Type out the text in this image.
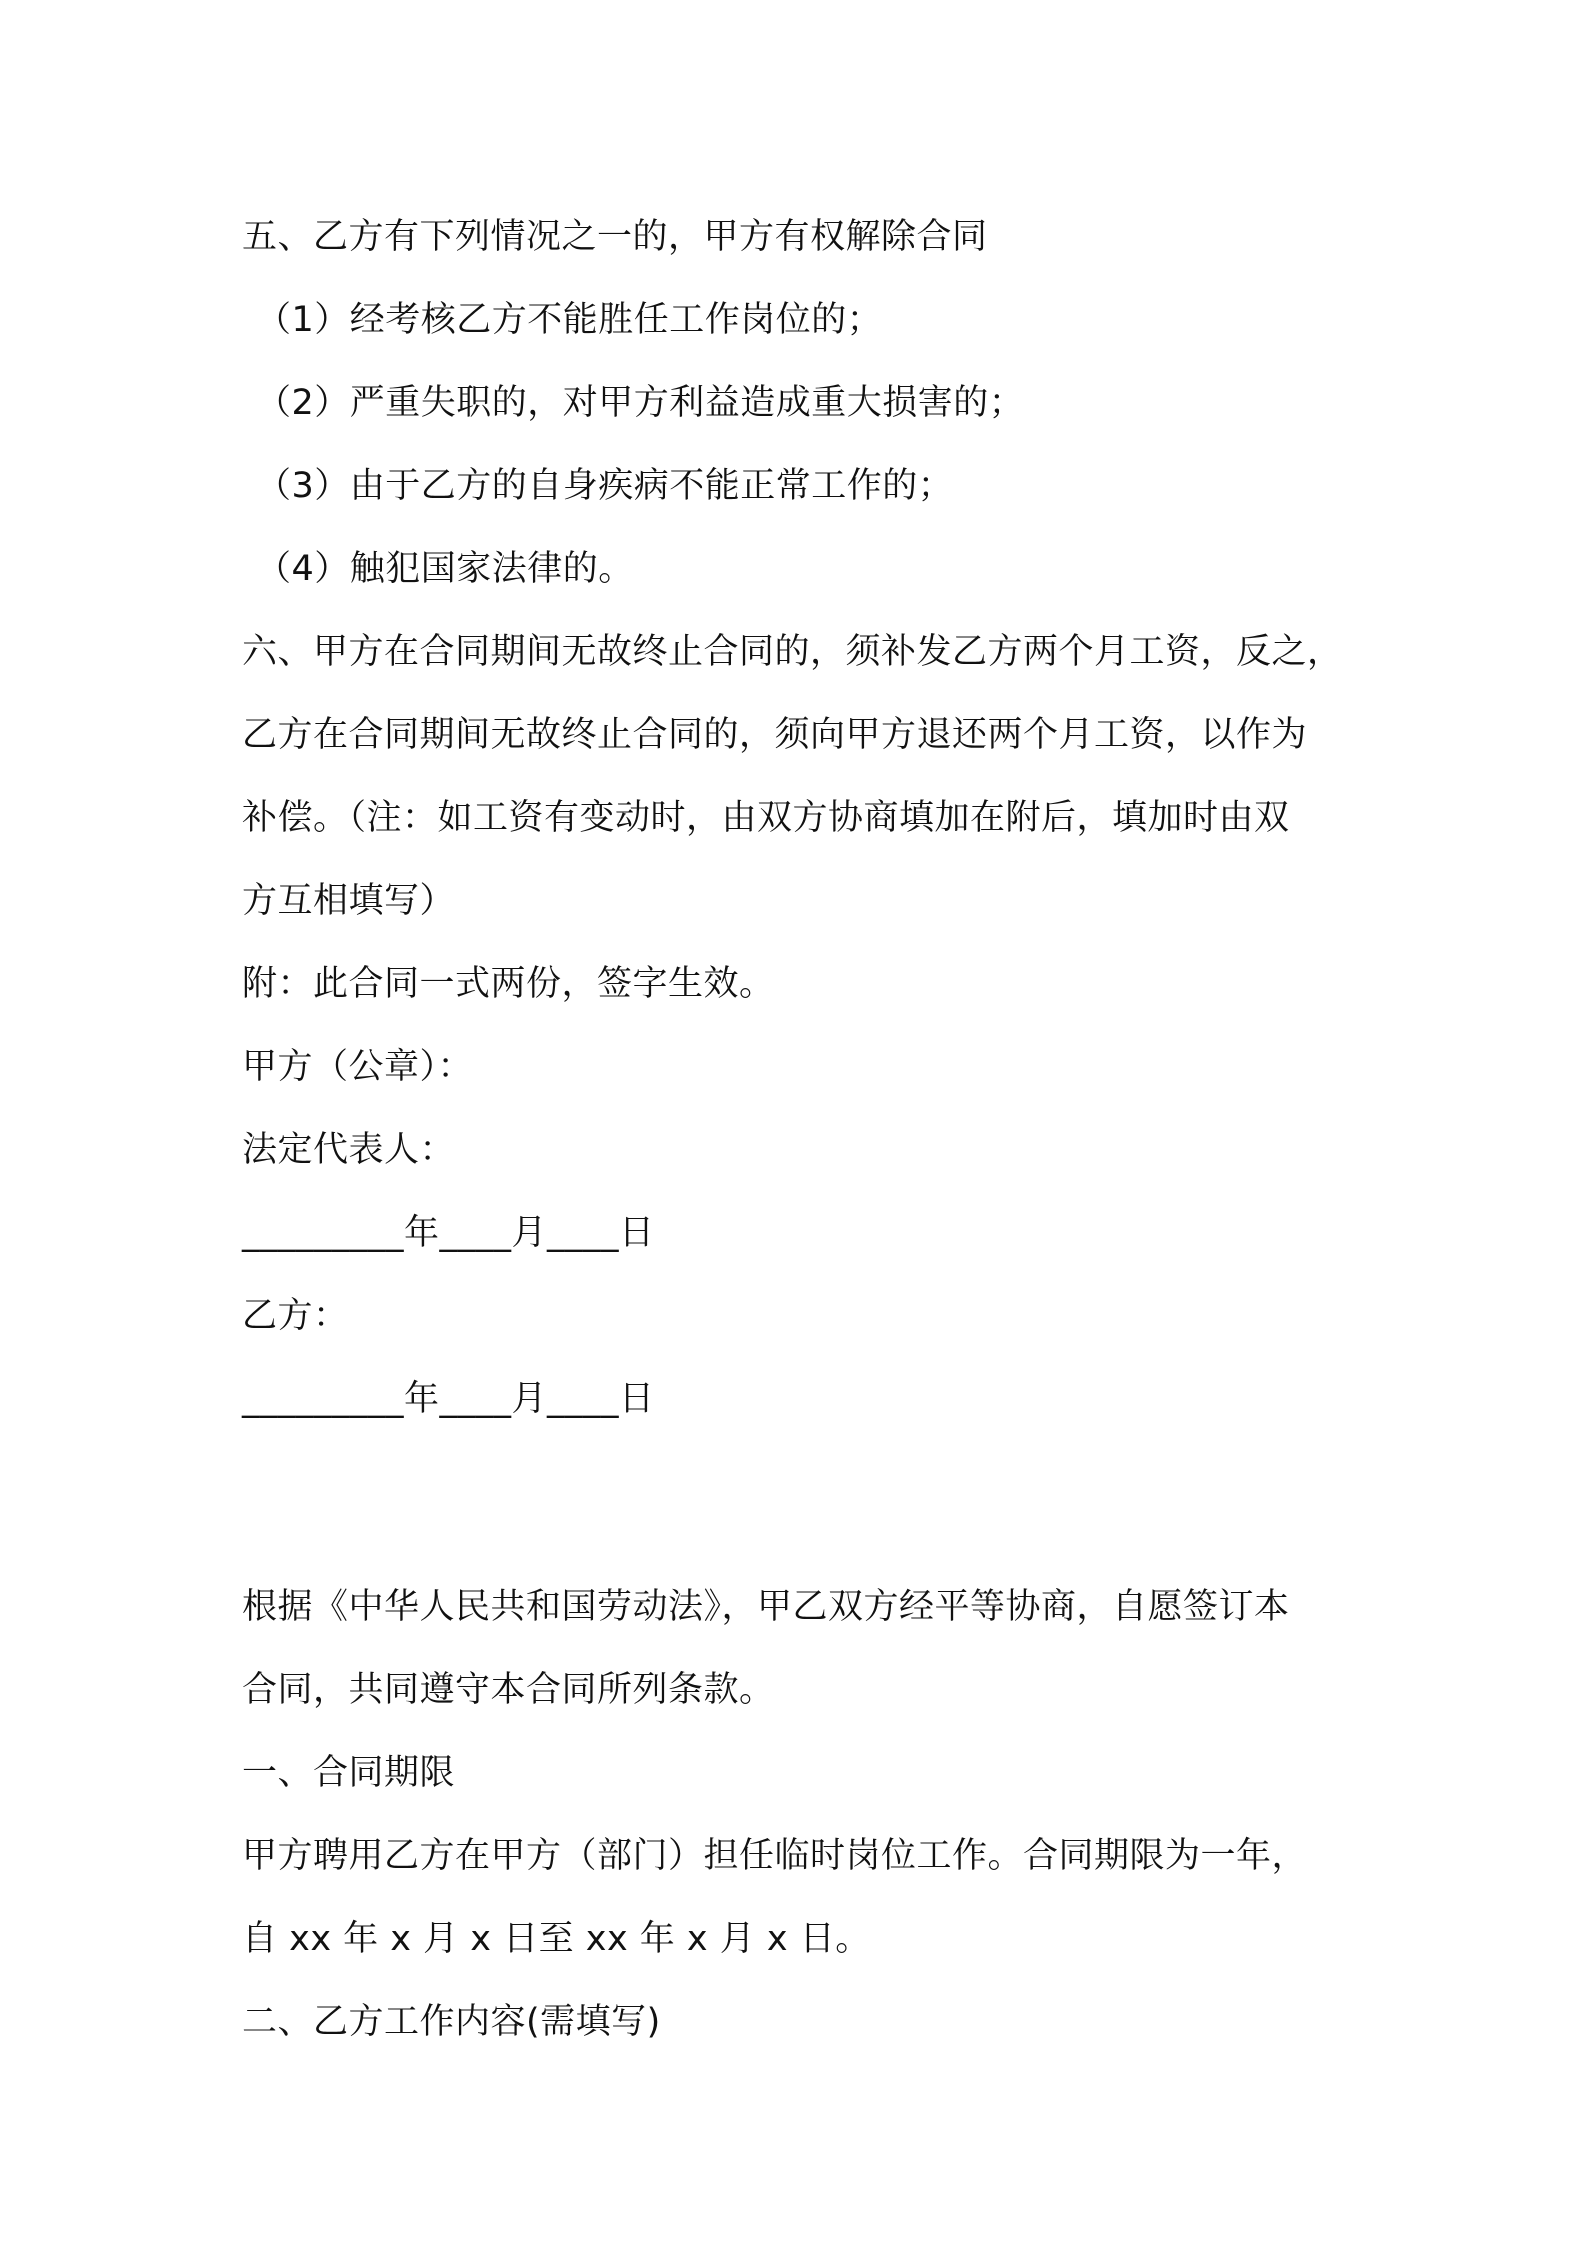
五、乙方有下列情况之一的，甲方有权解除合同
（1）经考核乙方不能胜任工作岗位的；
（2）严重失职的，对甲方利益造成重大损害的；
（3）由于乙方的自身疾病不能正常工作的；
（4）触犯国家法律的。
六、甲方在合同期间无故终止合同的，须补发乙方两个月工资，反之，
乙方在合同期间无故终止合同的，须向甲方退还两个月工资，以作为
补偿。（注：如工资有变动时，由双方协商填加在附后，填加时由双
方互相填写）
附：此合同一式两份，签字生效。
甲方（公章）：
法定代表人：
_________年____月____日
乙方：
_________年____月____日
根据《中华人民共和国劳动法》，甲乙双方经平等协商，自愿签订本
合同，共同遵守本合同所列条款。
一、合同期限
甲方聘用乙方在甲方（部门）担任临时岗位工作。合同期限为一年，
自 xx 年 x 月 x 日至 xx 年 x 月 x 日。
二、乙方工作内容(需填写)
